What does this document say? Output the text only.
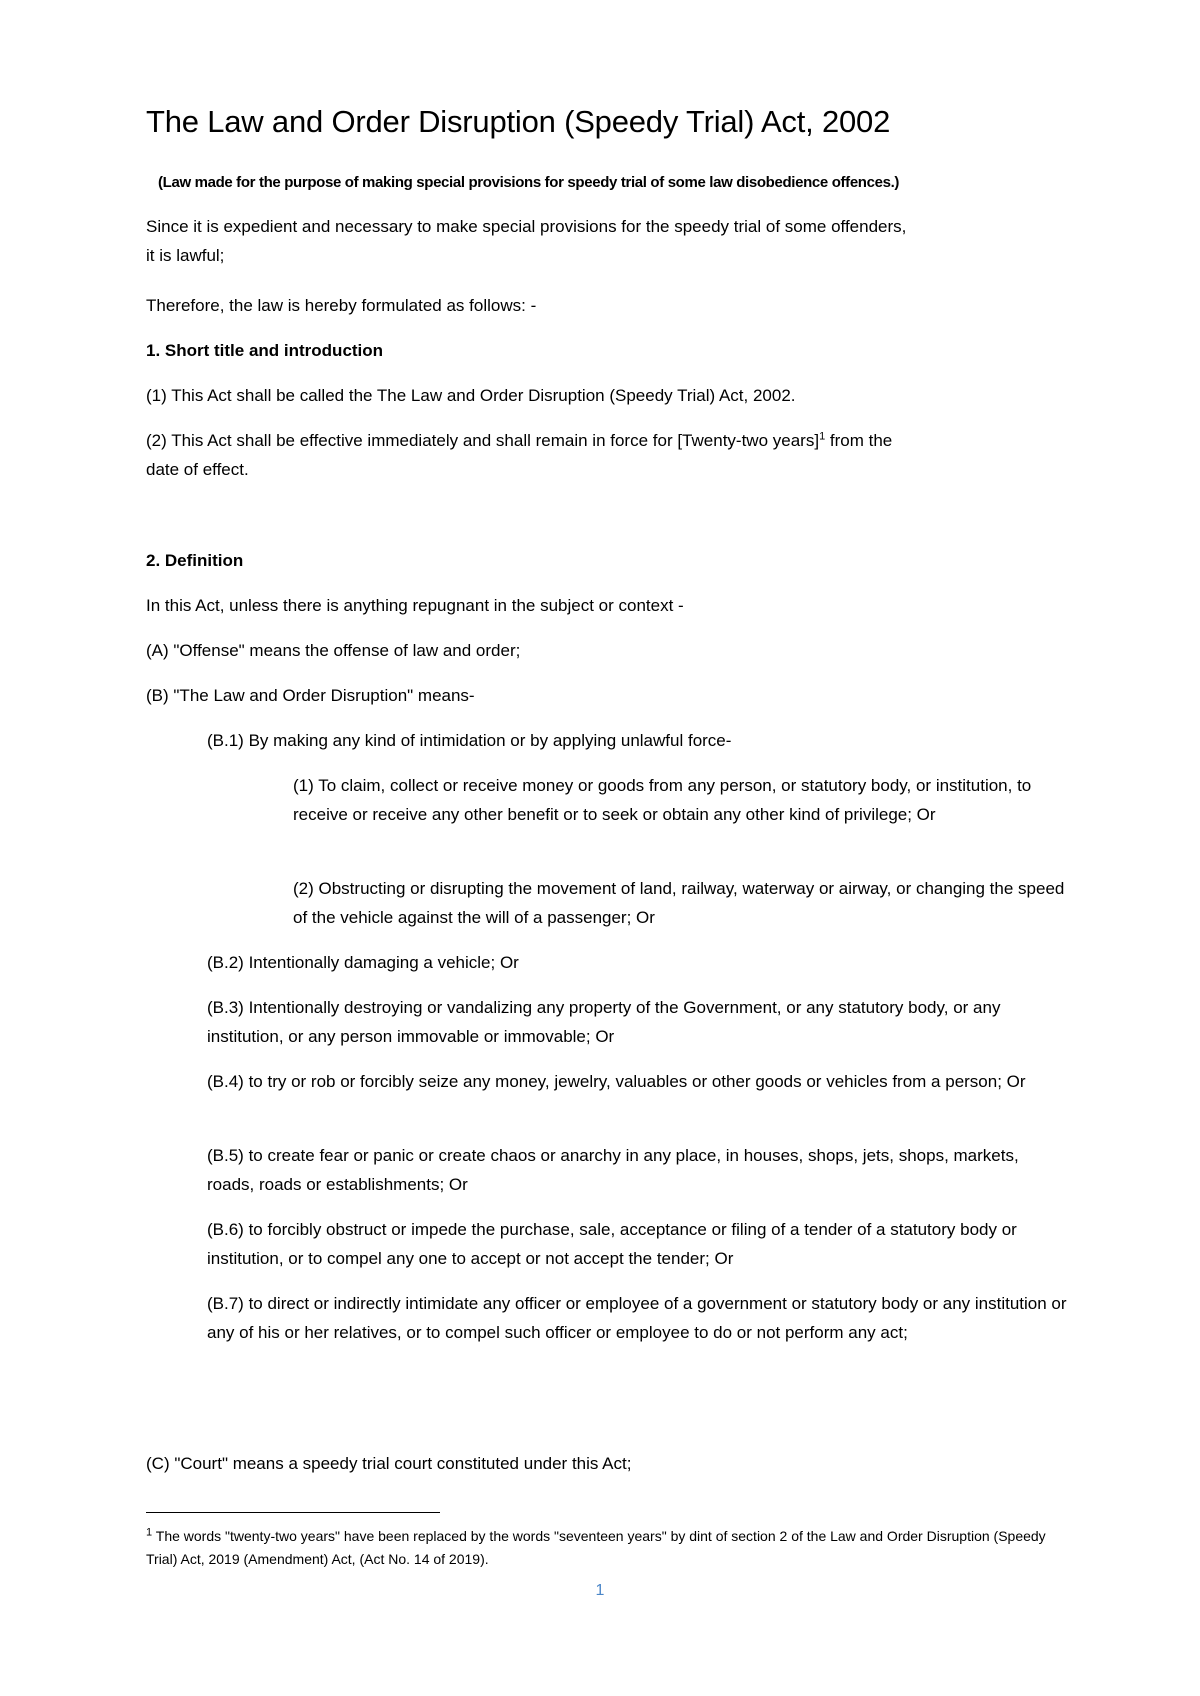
The Law and Order Disruption (Speedy Trial) Act, 2002

(Law made for the purpose of making special provisions for speedy trial of some law disobedience offences.)

Since it is expedient and necessary to make special provisions for the speedy trial of some offenders,

it is lawful;

Therefore, the law is hereby formulated as follows: -

1. Short title and introduction

(1) This Act shall be called the The Law and Order Disruption (Speedy Trial) Act, 2002.

(2) This Act shall be effective immediately and shall remain in force for [Twenty-two years]$^1$ from the

date of effect.

2. Definition

In this Act, unless there is anything repugnant in the subject or context -

(A) "Offense" means the offense of law and order;

(B) "The Law and Order Disruption" means-

(B.1) By making any kind of intimidation or by applying unlawful force-

(1) To claim, collect or receive money or goods from any person, or statutory body, or institution, to receive or receive any other benefit or to seek or obtain any other kind of privilege; Or

(2) Obstructing or disrupting the movement of land, railway, waterway or airway, or changing the speed of the vehicle against the will of a passenger; Or

(B.2) Intentionally damaging a vehicle; Or

(B.3) Intentionally destroying or vandalizing any property of the Government, or any statutory body, or any institution, or any person immovable or immovable; Or

(B.4) to try or rob or forcibly seize any money, jewelry, valuables or other goods or vehicles from a person; Or

(B.5) to create fear or panic or create chaos or anarchy in any place, in houses, shops, jets, shops, markets, roads, roads or establishments; Or

(B.6) to forcibly obstruct or impede the purchase, sale, acceptance or filing of a tender of a statutory body or institution, or to compel any one to accept or not accept the tender; Or

(B.7) to direct or indirectly intimidate any officer or employee of a government or statutory body or any institution or any of his or her relatives, or to compel such officer or employee to do or not perform any act;

(C) "Court" means a speedy trial court constituted under this Act;

$^1$ The words "twenty-two years" have been replaced by the words "seventeen years" by dint of section 2 of the Law and Order Disruption (Speedy Trial) Act, 2019 (Amendment) Act, (Act No. 14 of 2019).

1
